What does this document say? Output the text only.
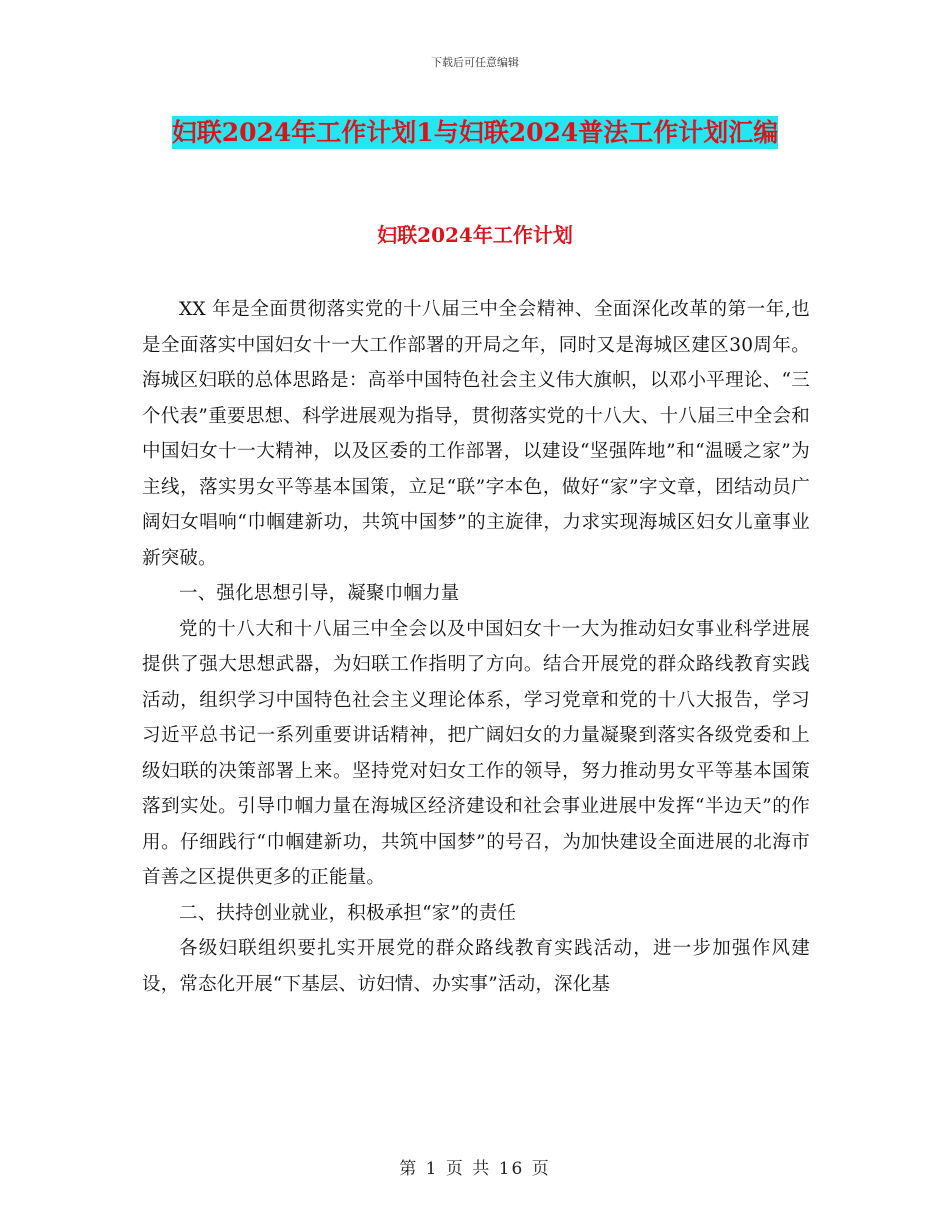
下载后可任意编辑
妇联2024年工作计划1与妇联2024普法工作计划汇编
妇联2024年工作计划

XX 年是全面贯彻落实党的十八届三中全会精神、全面深化改革的第一年,也是全面落实中国妇女十一大工作部署的开局之年，同时又是海城区建区30周年。海城区妇联的总体思路是：高举中国特色社会主义伟大旗帜，以邓小平理论、“三个代表”重要思想、科学进展观为指导，贯彻落实党的十八大、十八届三中全会和中国妇女十一大精神，以及区委的工作部署，以建设“坚强阵地”和“温暖之家”为主线，落实男女平等基本国策，立足“联”字本色，做好“家”字文章，团结动员广阔妇女唱响“巾帼建新功，共筑中国梦”的主旋律，力求实现海城区妇女儿童事业新突破。

一、强化思想引导，凝聚巾帼力量

党的十八大和十八届三中全会以及中国妇女十一大为推动妇女事业科学进展提供了强大思想武器，为妇联工作指明了方向。结合开展党的群众路线教育实践活动，组织学习中国特色社会主义理论体系，学习党章和党的十八大报告，学习习近平总书记一系列重要讲话精神，把广阔妇女的力量凝聚到落实各级党委和上级妇联的决策部署上来。坚持党对妇女工作的领导，努力推动男女平等基本国策落到实处。引导巾帼力量在海城区经济建设和社会事业进展中发挥“半边天”的作用。仔细践行“巾帼建新功，共筑中国梦”的号召，为加快建设全面进展的北海市首善之区提供更多的正能量。

二、扶持创业就业，积极承担“家”的责任

各级妇联组织要扎实开展党的群众路线教育实践活动，进一步加强作风建设，常态化开展“下基层、访妇情、办实事”活动，深化基

第 1 页 共 16 页
